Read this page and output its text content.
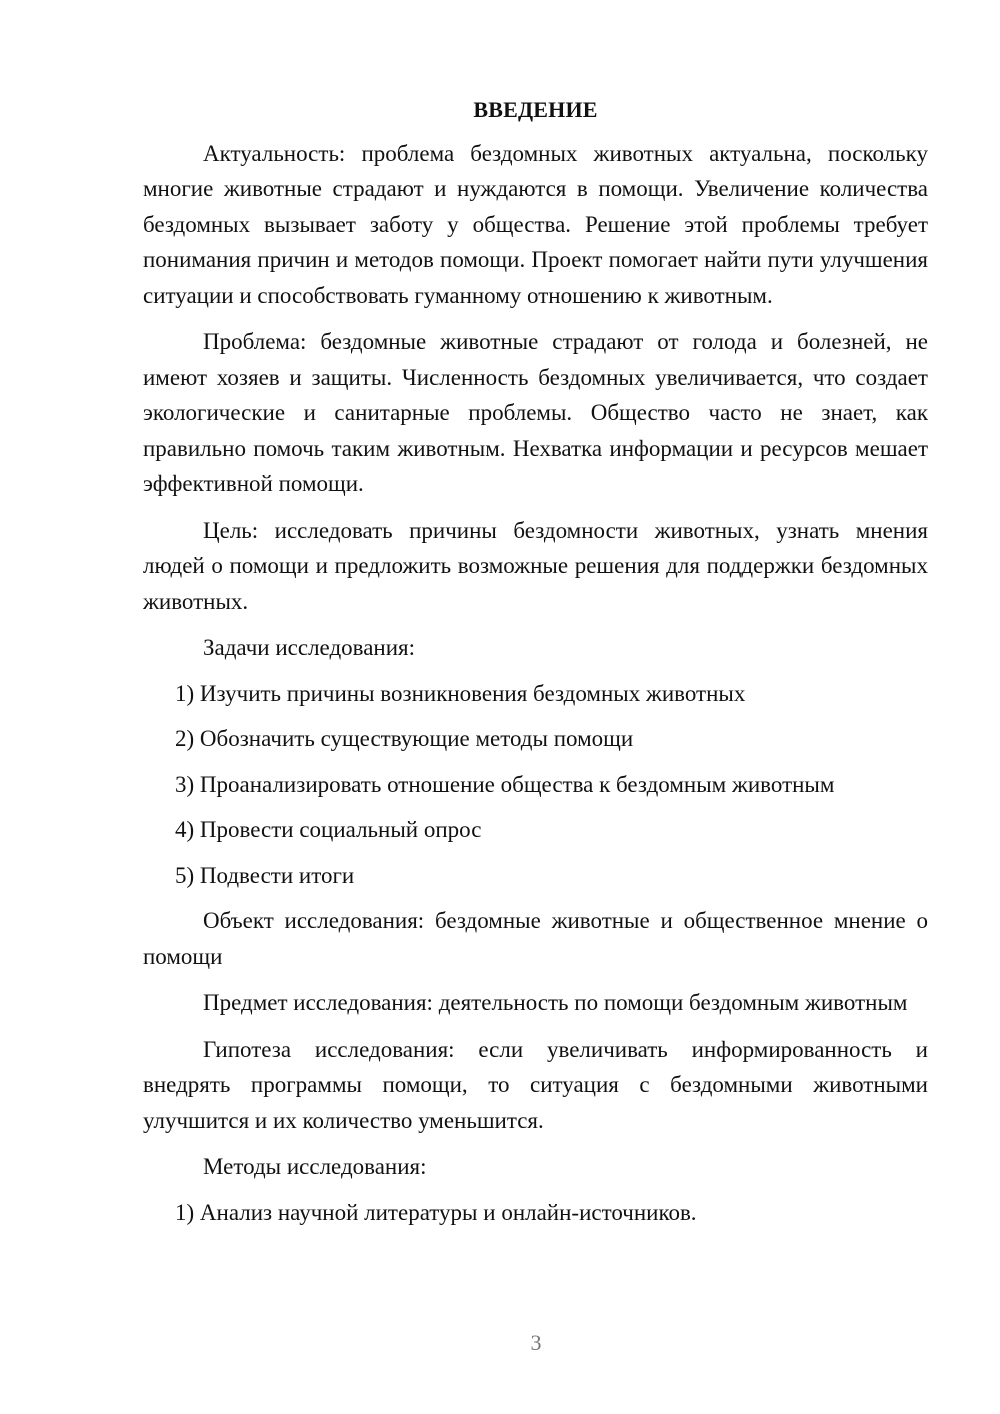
ВВЕДЕНИЕ
Актуальность: проблема бездомных животных актуальна, поскольку многие животные страдают и нуждаются в помощи. Увеличение количества бездомных вызывает заботу у общества. Решение этой проблемы требует понимания причин и методов помощи. Проект помогает найти пути улучшения ситуации и способствовать гуманному отношению к животным.
Проблема: бездомные животные страдают от голода и болезней, не имеют хозяев и защиты. Численность бездомных увеличивается, что создает экологические и санитарные проблемы. Общество часто не знает, как правильно помочь таким животным. Нехватка информации и ресурсов мешает эффективной помощи.
Цель: исследовать причины бездомности животных, узнать мнения людей о помощи и предложить возможные решения для поддержки бездомных животных.
Задачи исследования:
1) Изучить причины возникновения бездомных животных
2) Обозначить существующие методы помощи
3) Проанализировать отношение общества к бездомным животным
4) Провести социальный опрос
5) Подвести итоги
Объект исследования: бездомные животные и общественное мнение о помощи
Предмет исследования: деятельность по помощи бездомным животным
Гипотеза исследования: если увеличивать информированность и внедрять программы помощи, то ситуация с бездомными животными улучшится и их количество уменьшится.
Методы исследования:
1) Анализ научной литературы и онлайн-источников.
3
